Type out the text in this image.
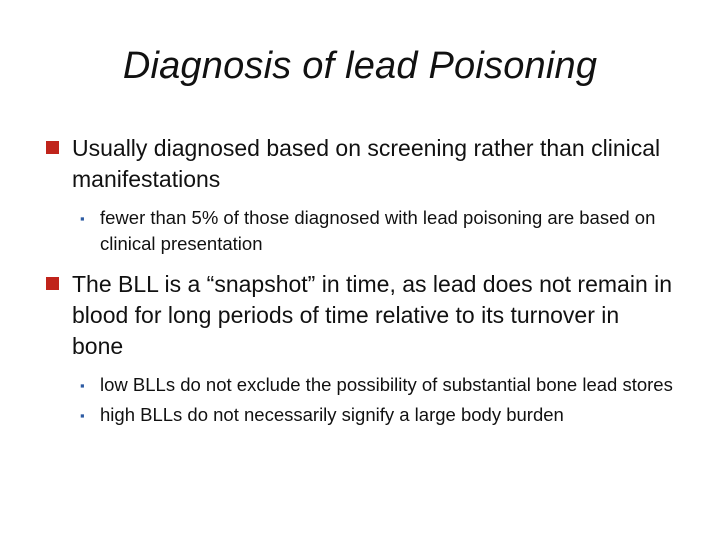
Diagnosis of lead Poisoning
Usually diagnosed based on screening rather than clinical manifestations
▪ fewer than 5% of those diagnosed with lead poisoning are based on clinical presentation
The BLL is a “snapshot” in time, as lead does not remain in blood for long periods of time relative to its turnover in bone
▪ low BLLs do not exclude the possibility of substantial bone lead stores
▪ high BLLs do not necessarily signify a large body burden
